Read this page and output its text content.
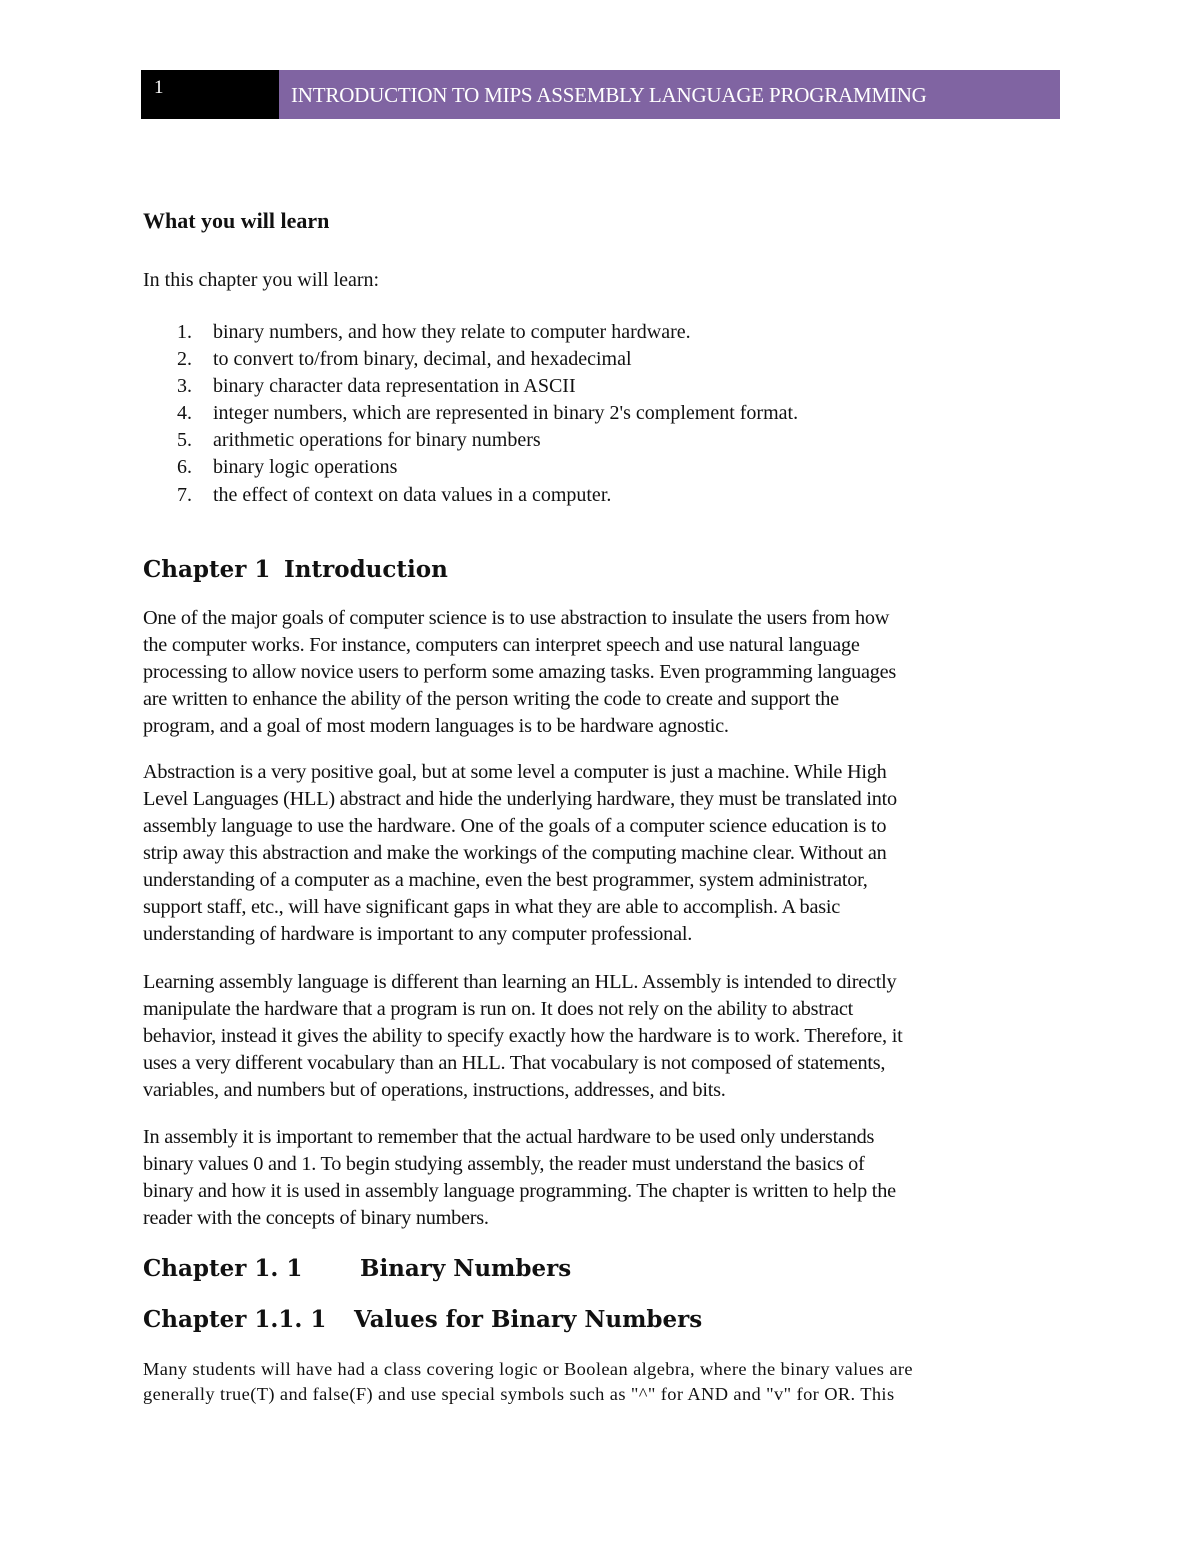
1	INTRODUCTION TO MIPS ASSEMBLY LANGUAGE PROGRAMMING
What you will learn

In this chapter you will learn:

1.	binary numbers, and how they relate to computer hardware.
2.	to convert to/from binary, decimal, and hexadecimal
3.	binary character data representation in ASCII
4.	integer numbers, which are represented in binary 2's complement format.
5.	arithmetic operations for binary numbers
6.	binary logic operations
7.	the effect of context on data values in a computer.
Chapter 1 Introduction

One of the major goals of computer science is to use abstraction to insulate the users from how
the computer works. For instance, computers can interpret speech and use natural language
processing to allow novice users to perform some amazing tasks. Even programming languages
are written to enhance the ability of the person writing the code to create and support the
program, and a goal of most modern languages is to be hardware agnostic.

Abstraction is a very positive goal, but at some level a computer is just a machine. While High
Level Languages (HLL) abstract and hide the underlying hardware, they must be translated into
assembly language to use the hardware. One of the goals of a computer science education is to
strip away this abstraction and make the workings of the computing machine clear. Without an
understanding of a computer as a machine, even the best programmer, system administrator,
support staff, etc., will have significant gaps in what they are able to accomplish. A basic
understanding of hardware is important to any computer professional.

Learning assembly language is different than learning an HLL. Assembly is intended to directly
manipulate the hardware that a program is run on. It does not rely on the ability to abstract
behavior, instead it gives the ability to specify exactly how the hardware is to work. Therefore, it
uses a very different vocabulary than an HLL. That vocabulary is not composed of statements,
variables, and numbers but of operations, instructions, addresses, and bits.

In assembly it is important to remember that the actual hardware to be used only understands
binary values 0 and 1. To begin studying assembly, the reader must understand the basics of
binary and how it is used in assembly language programming. The chapter is written to help the
reader with the concepts of binary numbers.

Chapter 1. 1	Binary Numbers
Chapter 1.1. 1 Values for Binary Numbers

Many students will have had a class covering logic or Boolean algebra, where the binary values are
generally true(T) and false(F) and use special symbols such as "^" for AND and "v" for OR. This
